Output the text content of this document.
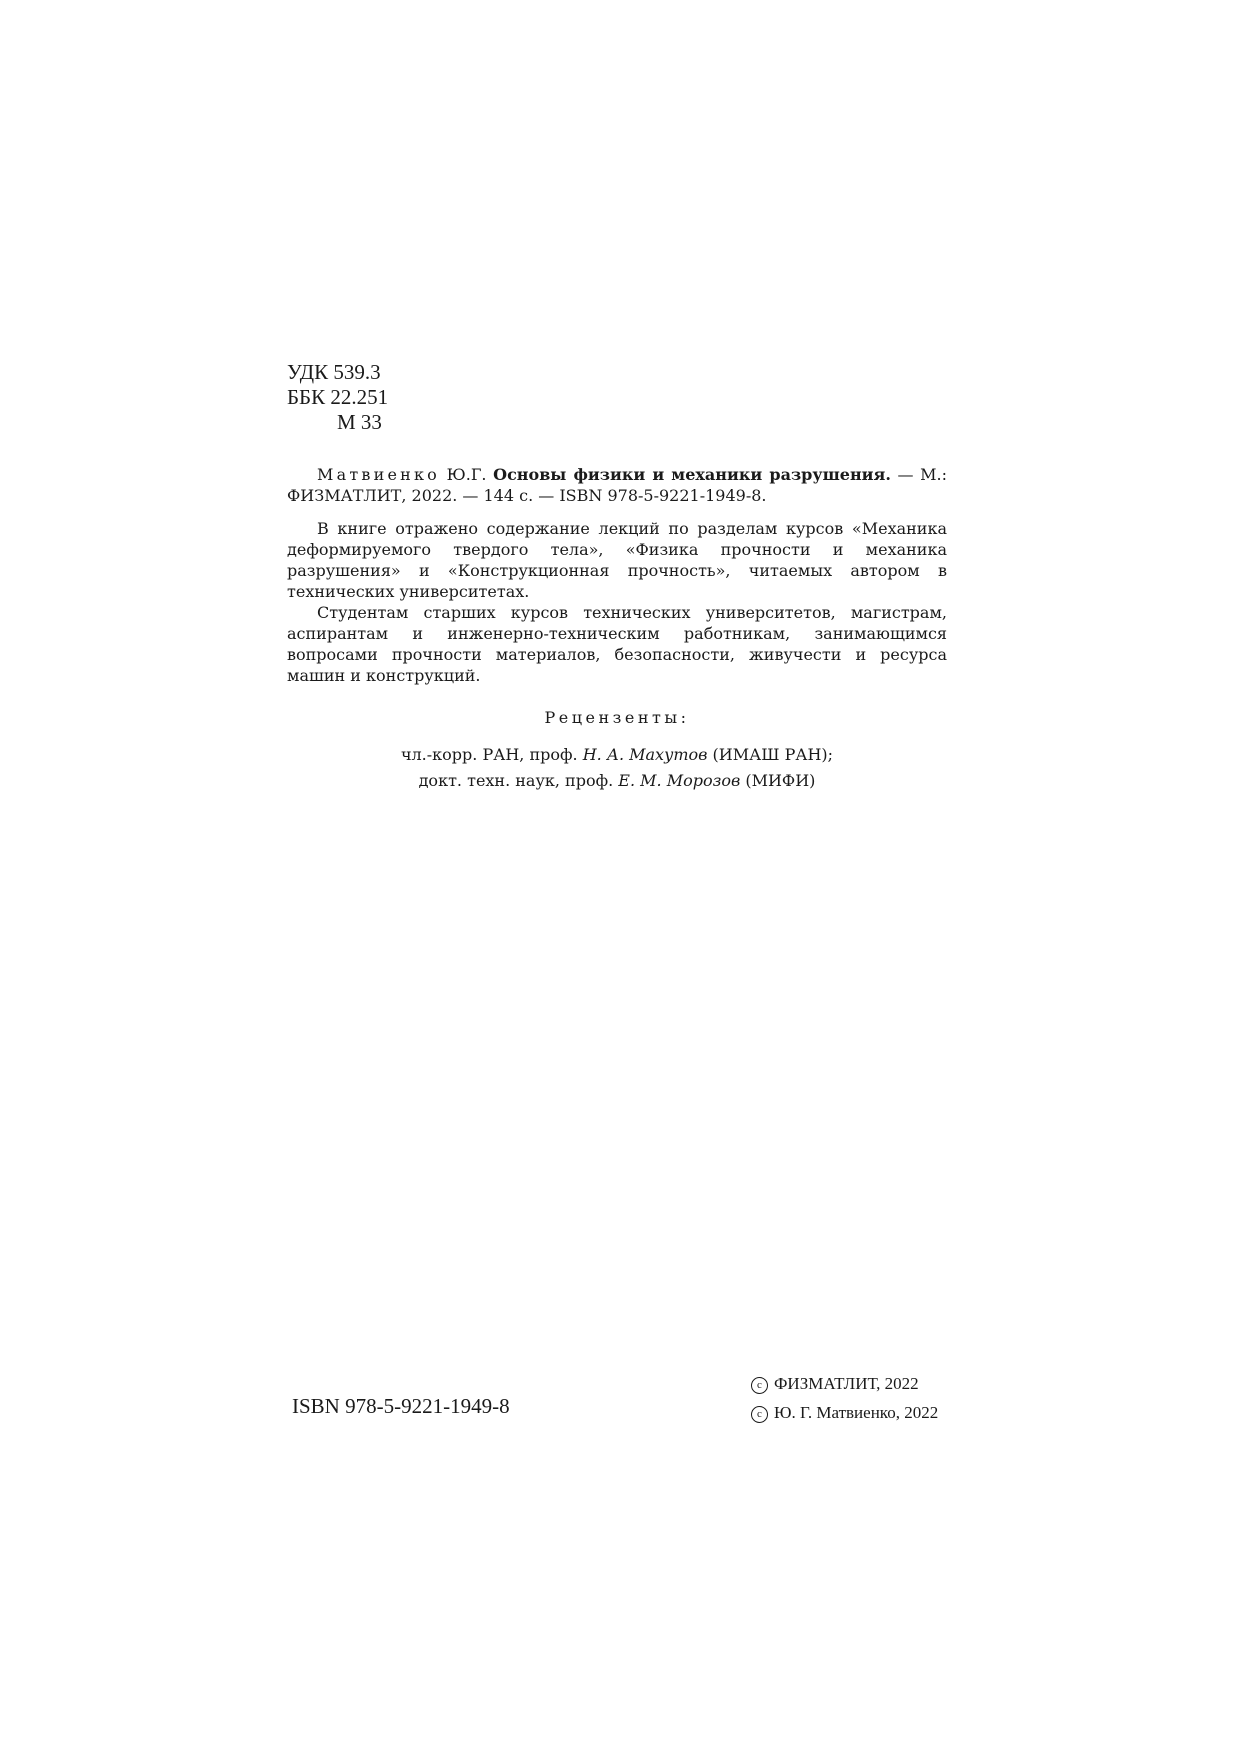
УДК 539.3
ББК 22.251
М 33

Матвиенко Ю.Г. Основы физики и механики разрушения. — М.: ФИЗМАТЛИТ, 2022. — 144 с. — ISBN 978-5-9221-1949-8.

В книге отражено содержание лекций по разделам курсов «Механика деформируемого твердого тела», «Физика прочности и механика разрушения» и «Конструкционная прочность», читаемых автором в технических университетах.

Студентам старших курсов технических университетов, магистрам, аспирантам и инженерно-техническим работникам, занимающимся вопросами прочности материалов, безопасности, живучести и ресурса машин и конструкций.

Рецензенты:
чл.-корр. РАН, проф. Н. А. Махутов (ИМАШ РАН);
докт. техн. наук, проф. Е. М. Морозов (МИФИ)
ISBN 978-5-9221-1949-8
c ФИЗМАТЛИТ, 2022
c Ю. Г. Матвиенко, 2022
